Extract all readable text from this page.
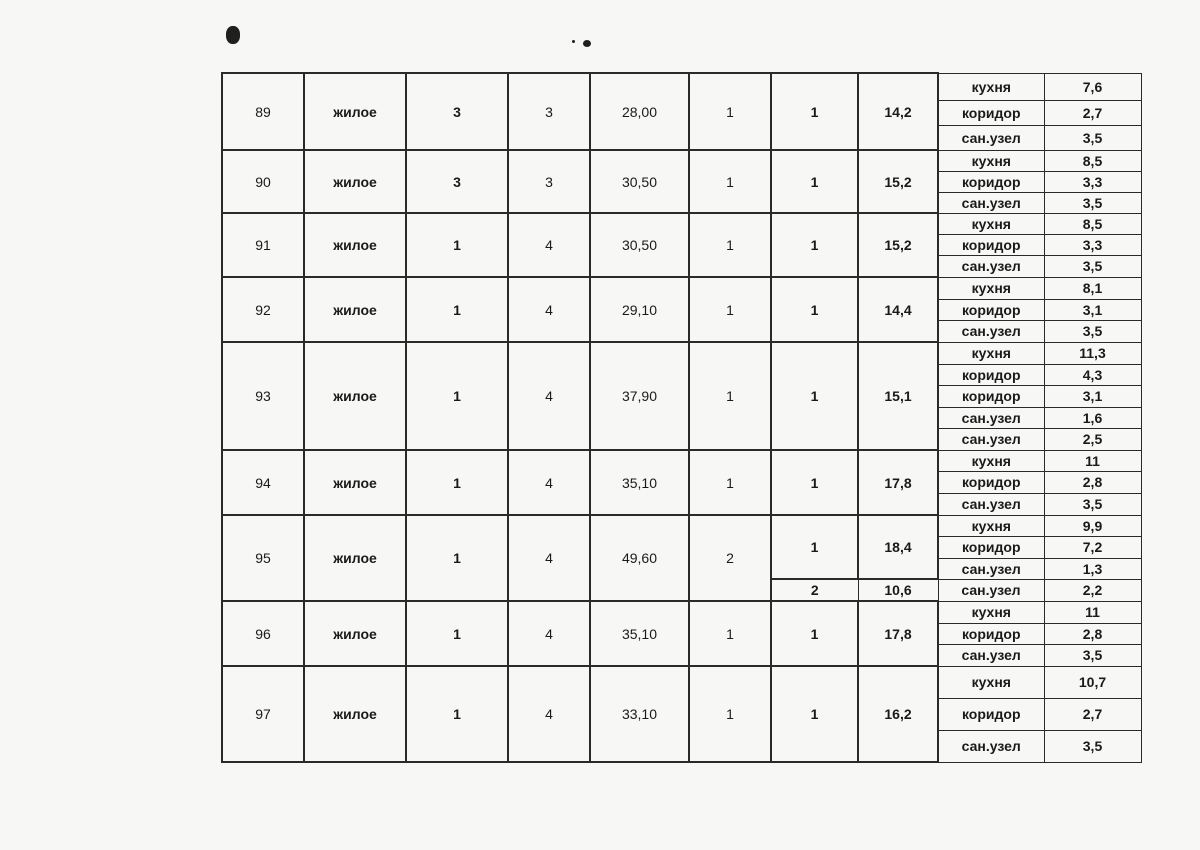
89	жилое	3	3	28,00	1	1	14,2	кухня	7,6
								коридор	2,7
								сан.узел	3,5
90	жилое	3	3	30,50	1	1	15,2	кухня	8,5
								коридор	3,3
								сан.узел	3,5
91	жилое	1	4	30,50	1	1	15,2	кухня	8,5
								коридор	3,3
								сан.узел	3,5
92	жилое	1	4	29,10	1	1	14,4	кухня	8,1
								коридор	3,1
								сан.узел	3,5
93	жилое	1	4	37,90	1	1	15,1	кухня	11,3
								коридор	4,3
								коридор	3,1
								сан.узел	1,6
								сан.узел	2,5
94	жилое	1	4	35,10	1	1	17,8	кухня	11
								коридор	2,8
								сан.узел	3,5
95	жилое	1	4	49,60	2	1	18,4	кухня	9,9
								коридор	7,2
								сан.узел	1,3
						2	10,6	сан.узел	2,2
96	жилое	1	4	35,10	1	1	17,8	кухня	11
								коридор	2,8
								сан.узел	3,5
97	жилое	1	4	33,10	1	1	16,2	кухня	10,7
								коридор	2,7
								сан.узел	3,5
